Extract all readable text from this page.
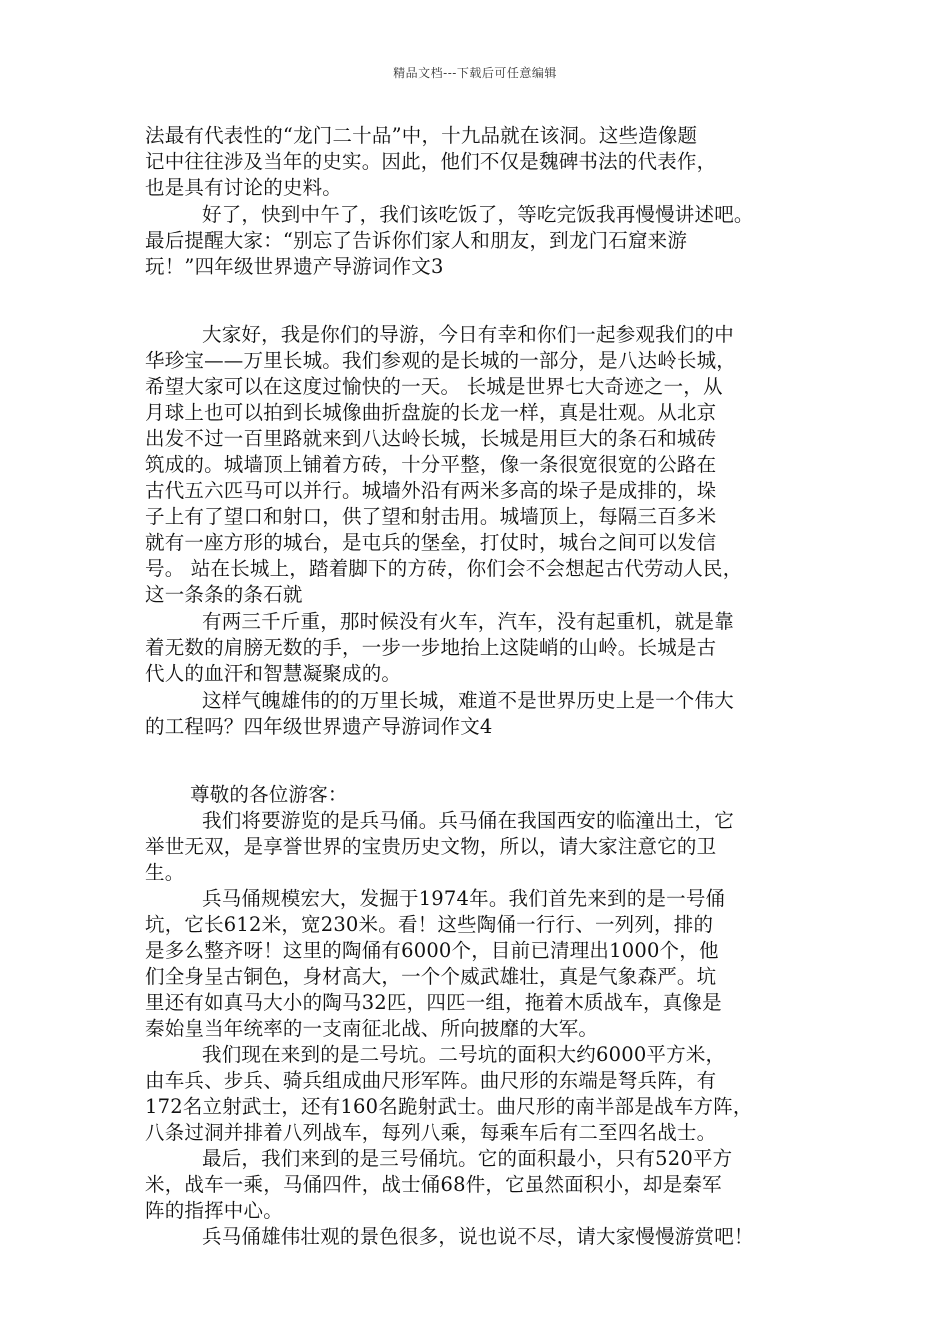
精品文档---下载后可任意编辑
法最有代表性的“龙门二十品”中，十九品就在该洞。这些造像题
记中往往涉及当年的史实。因此，他们不仅是魏碑书法的代表作，
也是具有讨论的史料。
好了，快到中午了，我们该吃饭了，等吃完饭我再慢慢讲述吧。
最后提醒大家：“别忘了告诉你们家人和朋友，到龙门石窟来游
玩！”四年级世界遗产导游词作文3
大家好，我是你们的导游，今日有幸和你们一起参观我们的中
华珍宝——万里长城。我们参观的是长城的一部分，是八达岭长城，
希望大家可以在这度过愉快的一天。 长城是世界七大奇迹之一，从
月球上也可以拍到长城像曲折盘旋的长龙一样，真是壮观。从北京
出发不过一百里路就来到八达岭长城，长城是用巨大的条石和城砖
筑成的。城墙顶上铺着方砖，十分平整，像一条很宽很宽的公路在
古代五六匹马可以并行。城墙外沿有两米多高的垛子是成排的，垛
子上有了望口和射口，供了望和射击用。城墙顶上，每隔三百多米
就有一座方形的城台，是屯兵的堡垒，打仗时，城台之间可以发信
号。 站在长城上，踏着脚下的方砖，你们会不会想起古代劳动人民，
这一条条的条石就
有两三千斤重，那时候没有火车，汽车，没有起重机，就是靠
着无数的肩膀无数的手，一步一步地抬上这陡峭的山岭。长城是古
代人的血汗和智慧凝聚成的。
这样气魄雄伟的的万里长城，难道不是世界历史上是一个伟大
的工程吗？四年级世界遗产导游词作文4
尊敬的各位游客：
我们将要游览的是兵马俑。兵马俑在我国西安的临潼出土，它
举世无双，是享誉世界的宝贵历史文物，所以，请大家注意它的卫
生。
兵马俑规模宏大，发掘于1974年。我们首先来到的是一号俑
坑，它长612米，宽230米。看！这些陶俑一行行、一列列，排的
是多么整齐呀！这里的陶俑有6000个，目前已清理出1000个，他
们全身呈古铜色，身材高大，一个个威武雄壮，真是气象森严。坑
里还有如真马大小的陶马32匹，四匹一组，拖着木质战车，真像是
秦始皇当年统率的一支南征北战、所向披靡的大军。
我们现在来到的是二号坑。二号坑的面积大约6000平方米，
由车兵、步兵、骑兵组成曲尺形军阵。曲尺形的东端是弩兵阵，有
172名立射武士，还有160名跪射武士。曲尺形的南半部是战车方阵，
八条过洞并排着八列战车，每列八乘，每乘车后有二至四名战士。
最后，我们来到的是三号俑坑。它的面积最小，只有520平方
米，战车一乘，马俑四件，战士俑68件，它虽然面积小，却是秦军
阵的指挥中心。
兵马俑雄伟壮观的景色很多，说也说不尽，请大家慢慢游赏吧！
